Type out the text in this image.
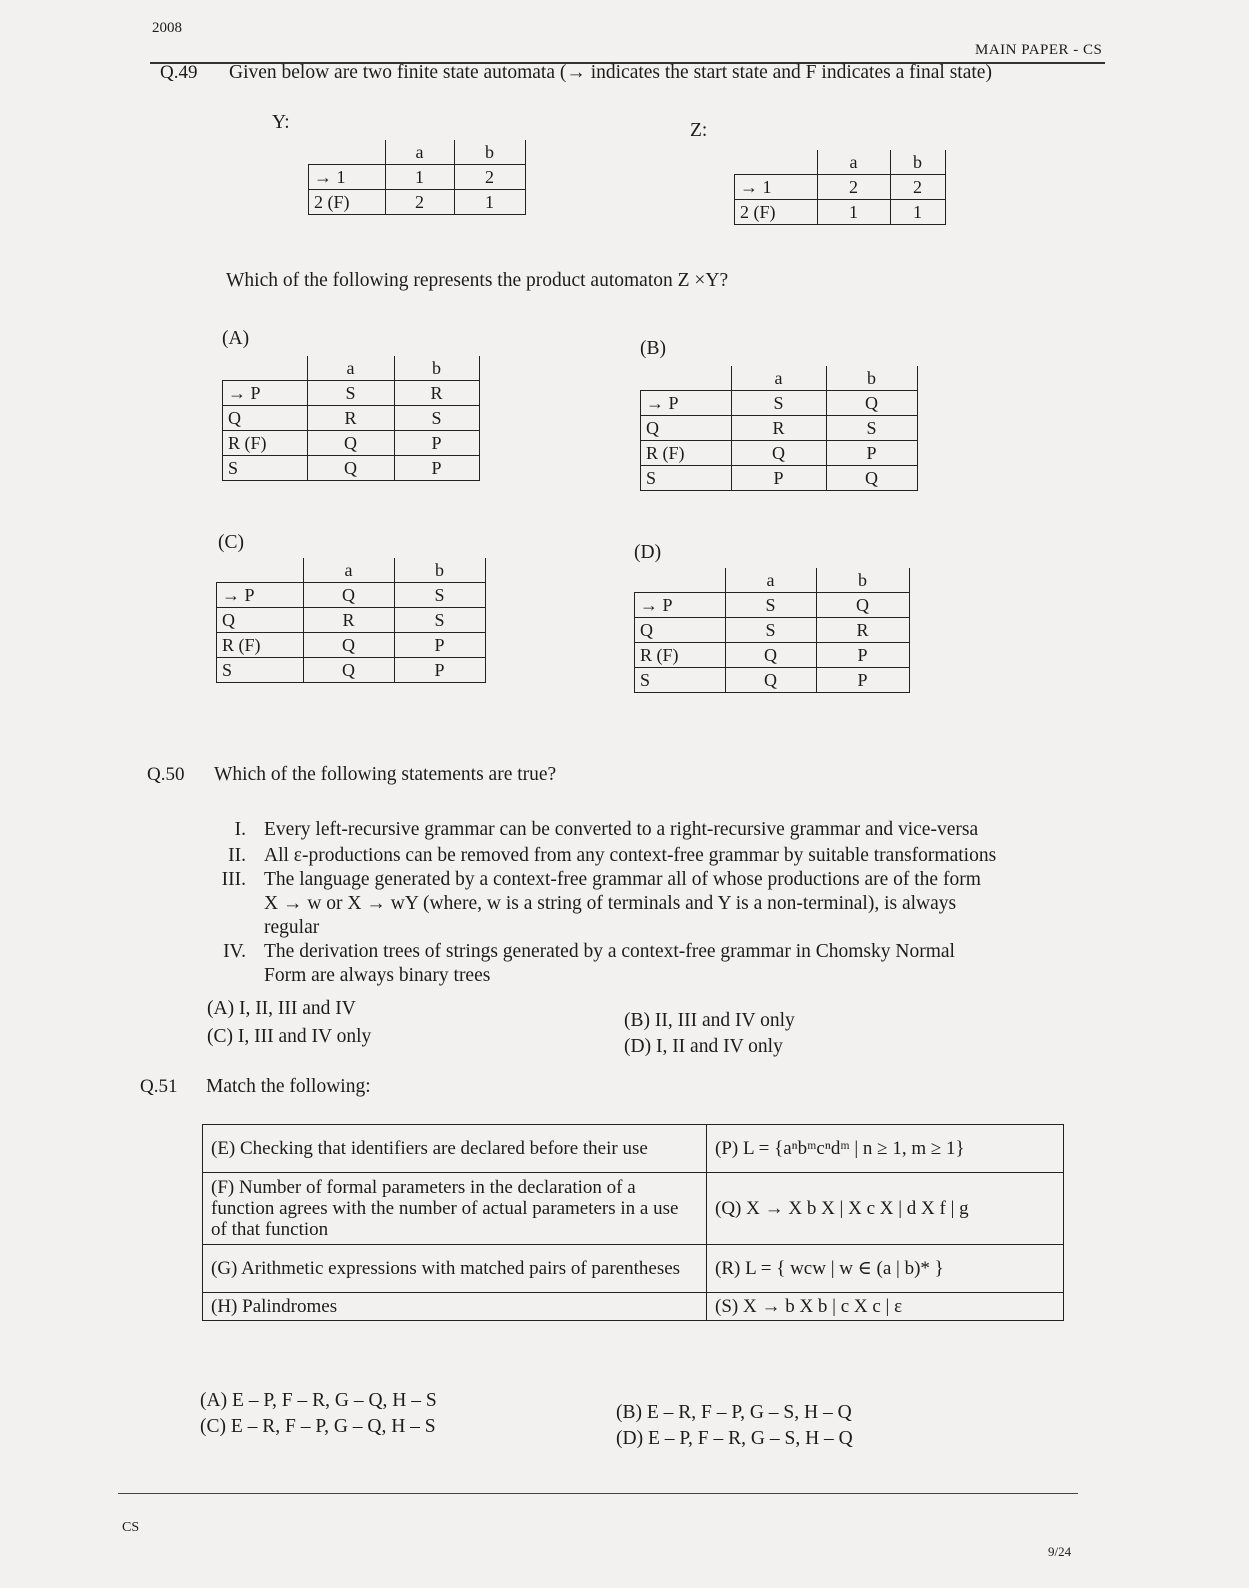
2008
MAIN PAPER - CS
Q.49 Given below are two finite state automata (→ indicates the start state and F indicates a final state)
Y:
	a	b
→ 1	1	2
2 (F)	2	1
Z:
	a	b
→ 1	2	2
2 (F)	1	1
Which of the following represents the product automaton Z ×Y?
(A)
	a	b
→ P	S	R
Q	R	S
R (F)	Q	P
S	Q	P
(B)
	a	b
→ P	S	Q
Q	R	S
R (F)	Q	P
S	P	Q
(C)
	a	b
→ P	Q	S
Q	R	S
R (F)	Q	P
S	Q	P
(D)
	a	b
→ P	S	Q
Q	S	R
R (F)	Q	P
S	Q	P
Q.50 Which of the following statements are true?
I. Every left-recursive grammar can be converted to a right-recursive grammar and vice-versa
II. All ε-productions can be removed from any context-free grammar by suitable transformations
III. The language generated by a context-free grammar all of whose productions are of the form
X → w or X → wY (where, w is a string of terminals and Y is a non-terminal), is always
regular
IV. The derivation trees of strings generated by a context-free grammar in Chomsky Normal
Form are always binary trees
(A) I, II, III and IV
(B) II, III and IV only
(C) I, III and IV only	(D) I, II and IV only
Q.51 Match the following:
(E) Checking that identifiers are declared before their use	(P) L = {aⁿbᵐcⁿdᵐ | n ≥ 1, m ≥ 1}
(F) Number of formal parameters in the declaration of a function agrees with the number of actual parameters in a use of that function	(Q) X → X b X | X c X | d X f | g
(G) Arithmetic expressions with matched pairs of parentheses	(R) L = { wcw | w ∈ (a | b)* }
(H) Palindromes	(S) X → b X b | c X c | ε
(A) E – P, F – R, G – Q, H – S
(B) E – R, F – P, G – S, H – Q
(C) E – R, F – P, G – Q, H – S
(D) E – P, F – R, G – S, H – Q
CS
9/24
